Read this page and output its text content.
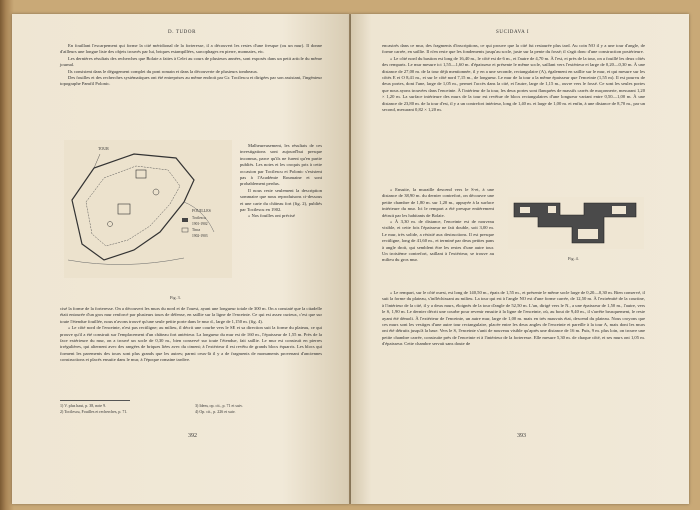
D. TUDOR

En fouillant l'escarpement qui forme la cité méridional de la forteresse, il a découvert les restes d'une fresque (ou un mur). Il donne d'ailleurs une longue liste des objets trouvés par lui, briques estampillées, sarcophages en pierre, monnaies, etc.

Les dernières résultats des recherches que Bolaie a faites à Celei au cours de plusieurs années, sont exposés dans un petit article du même journal.

Ils consistent dans le dégagement complet du pont romain et dans la découverte de plusieurs tombeaux.

Des fouilles et des recherches systématiques ont été entreprises au même endroit par Gr. Tocilescu et dirigées par son assistant, l'ingénieur topographe Pamfil Polonic.

TOUR
FOUILLES
Tocilescu
1901-1902
Tinca
1902-1903
Fig. 3.

Malheureusement, les résultats de ces investigations sont aujourd'hui presque inconnus, parce qu'ils ne furent qu'en partie publiés. Les notes et les croquis pris à cette occasion par Tocilescu et Polonic s'existent pas à l'Académie Roumaine et sont probablement perdus.

Il nous reste seulement la description sommaire que nous reproduisons ci-dessous et une carte du château fort (fig. 2), publiés par Tocilescu en 1902.

« Nos fouilles ont précisé

cisé la forme de la forteresse. On a découvert les murs du nord et de l'ouest, ayant une longueur totale de 300 m. On a constaté que la citadelle était entourée d'un gros mur renforcé par plusieurs tours de défense, en saillie sur la ligne de l'enceinte. Ce qui est assez curieux, c'est que sur toute l'étendue fouillée, nous n'avons trouvé qu'une seule petite porte dans le mur d., large de 1,150 m. (fig. 4).

« Le côté nord de l'enceinte, n'est pas rectiligne; au milieu, il décrit une courbe vers le SE et sa direction suit la forme du plateau, ce qui prouve qu'il a été construit sur l'emplacement d'un château fort antérieur. La longueur du mur est de 160 m., l'épaisseur de 1,55 m. Près de la face extérieure du mur, on a trouvé un socle de 0,30 m., bien conservé sur toute l'étendue, fait saillie. Le mur est construit en pierres irrégulières, qui alternent avec des rangées de briques liées avec du ciment; à l'extérieur il est revêtu de grands blocs équarris. Les blocs qui forment les parements des tours sont plus grands que les autres; parmi ceux-là il y a de fragments de monuments provenant d'anciennes constructions et placés ensuite dans le mur, à l'époque romaine tardive.

1) V. plus haut, p. 38, note 9.
2) Tocilescu, Fouilles et recherches, p. 71.
3) Idem, op. cit., p. 71 et suiv.
4) Op. cit., p. 226 et suiv.
392
SUCIDAVA I

encastrés dans ce mur, des fragments d'inscriptions, ce qui prouve que la cité fut restaurée plus tard. Au coin NO il y a une tour d'angle, de forme carrée, en saillie. Il n'en reste que les fondements jusqu'au socle, juste sur la pente du fossé; il s'agit donc d'une construction postérieure.

« Le côté nord du bastion est long de 16,40 m., le côté est de 6 m., et l'autre de 4,70 m. À l'est, et près de la tour, on a fouillé les deux côtés des remparts. Le mur mesure ici 1,55—1,60 m. d'épaisseur et présente le même socle, saillant vers l'extérieur et large de 0,20—0,30 m. À une distance de 27,00 m. de la tour déjà mentionnée, il y en a une seconde, rectangulaire (A), également en saillie sur le mur, et qui mesure sur les côtés E et O 8,41 m., et sur le côté nord 7,15 m., de longueur. Le mur de la tour a la même épaisseur que l'enceinte (1,55 m). Il est pourvu de deux portes, dont l'une, large de 1,05 m., permet l'accès dans la cité, et l'autre, large de 1,15 m., ouvre vers le fossé. Ce sont les seules portes que nous ayons trouvées dans l'enceinte. À l'intérieur de la tour, les deux portes sont flanquées de massifs carrés de maçonnerie, mesurant 1,20 × 1,20 m. La surface intérieure des murs de la tour est revêtue de blocs rectangulaires d'une longueur variant entre 0,50—1,00 m. À une distance de 23,80 m. de la tour d'est, il y a un contrefort intérieur, long de 1,40 m. et large de 1,00 m. et enfin, à une distance de 8,70 m., par un second, mesurant 0,82 × 1,20 m.

« Ensuite, la muraille descend vers le S-et, à une distance de 38,90 m. du dernier contrefort, on découvre une petite chambre de 1,80 m. sur 1,20 m., appuyée à la surface intérieure du mur. Ici le rempart a été presque entièrement détruit par les habitants de Bolaie.

« À 3,30 m. de distance, l'enceinte est de nouveau visible, et cette fois l'épaisseur ne fait double, soit 3,00 m. Le mur, très solide, a résisté aux destructions. Il est presque rectiligne, long de 41,60 m., et terminé par deux petites pans à angle droit, qui semblent être les restes d'une autre tour. Un troisième contrefort, saillant à l'extérieur, se trouve au milieu du gros mur.	Fig. 4.

« Le rempart, sur le côté ouest, est long de 140,50 m., épais de 1,55 m., et présente le même socle large de 0,20—0,30 m. Bien conservé, il suit la forme du plateau, s'infléchissant au milieu. La tour qui est à l'angle NO est d'une forme carrée, de 12,50 m. À l'extrémité de la courtine, à l'intérieur de la cité, il y a deux murs, éloignés de la tour d'angle de 52,50 m. L'un, dirigé vers le N., a une épaisseur de 1,50 m., l'autre, vers le S, 1,90 m. Le dernier décrit une courbe pour revenir ensuite à la ligne de l'enceinte, où, au bout de 9,40 m., il s'arrête brusquement, le reste ayant été démoli. À l'extérieur de l'enceinte, un autre mur, large de 1,00 m. mais en très mauvais état, descend du plateau. Nous croyons que ces murs sont les vestiges d'une autre tour rectangulaire, placée entre les deux angles de l'enceinte et pareille à la tour A, mais dont les murs ont été détruits jusqu'à la base. Vers le S, l'enceinte s'unit de nouveau visible qu'après une distance de 16 m. Puis, 9 m. plus loin, on trouve une petite chambre carrée, construite près de l'enceinte et à l'intérieur de la forteresse. Elle mesure 5,30 m. de chaque côté, et ses murs ont 1,05 m. d'épaisseur. Cette chambre servait sans doute de

393
